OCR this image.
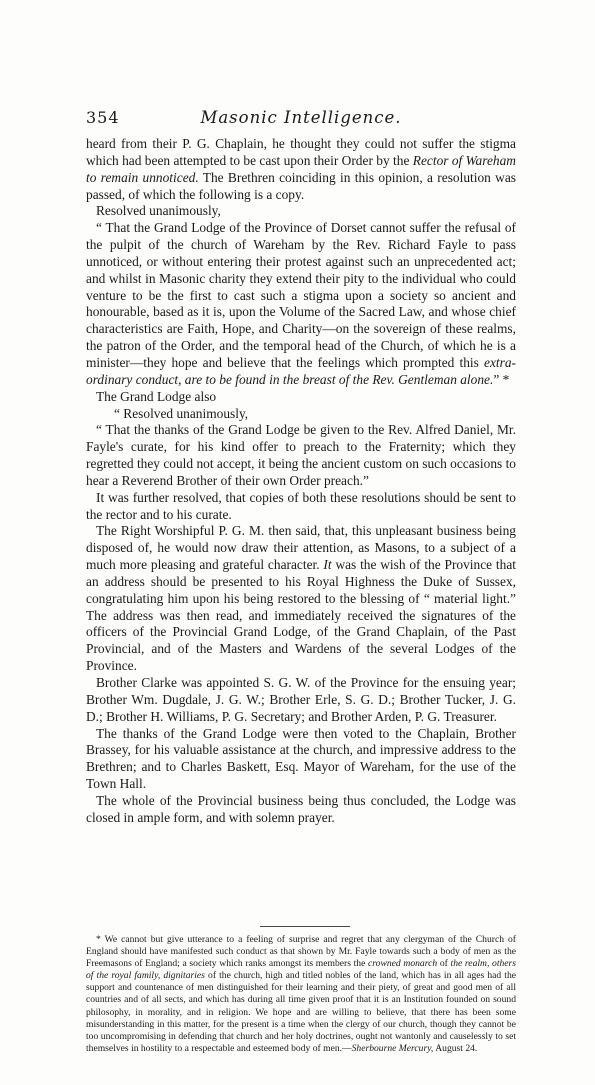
354	Masonic Intelligence.

heard from their P. G. Chaplain, he thought they could not suffer the stigma which had been attempted to be cast upon their Order by the Rector of Wareham to remain unnoticed. The Brethren coinciding in this opinion, a resolution was passed, of which the following is a copy.

Resolved unanimously,

“ That the Grand Lodge of the Province of Dorset cannot suffer the refusal of the pulpit of the church of Wareham by the Rev. Richard Fayle to pass unnoticed, or without entering their protest against such an unprecedented act; and whilst in Masonic charity they extend their pity to the individual who could venture to be the first to cast such a stigma upon a society so ancient and honourable, based as it is, upon the Volume of the Sacred Law, and whose chief characteristics are Faith, Hope, and Charity—on the sovereign of these realms, the patron of the Order, and the temporal head of the Church, of which he is a minister—they hope and believe that the feelings which prompted this extra-ordinary conduct, are to be found in the breast of the Rev. Gentleman alone.” *

The Grand Lodge also

“ Resolved unanimously,

“ That the thanks of the Grand Lodge be given to the Rev. Alfred Daniel, Mr. Fayle's curate, for his kind offer to preach to the Fraternity; which they regretted they could not accept, it being the ancient custom on such occasions to hear a Reverend Brother of their own Order preach.”

It was further resolved, that copies of both these resolutions should be sent to the rector and to his curate.

The Right Worshipful P. G. M. then said, that, this unpleasant business being disposed of, he would now draw their attention, as Masons, to a subject of a much more pleasing and grateful character. It was the wish of the Province that an address should be presented to his Royal Highness the Duke of Sussex, congratulating him upon his being restored to the blessing of “ material light.” The address was then read, and immediately received the signatures of the officers of the Provincial Grand Lodge, of the Grand Chaplain, of the Past Provincial, and of the Masters and Wardens of the several Lodges of the Province.

Brother Clarke was appointed S. G. W. of the Province for the ensuing year; Brother Wm. Dugdale, J. G. W.; Brother Erle, S. G. D.; Brother Tucker, J. G. D.; Brother H. Williams, P. G. Secretary; and Brother Arden, P. G. Treasurer.

The thanks of the Grand Lodge were then voted to the Chaplain, Brother Brassey, for his valuable assistance at the church, and impressive address to the Brethren; and to Charles Baskett, Esq. Mayor of Wareham, for the use of the Town Hall.

The whole of the Provincial business being thus concluded, the Lodge was closed in ample form, and with solemn prayer.

* We cannot but give utterance to a feeling of surprise and regret that any clergyman of the Church of England should have manifested such conduct as that shown by Mr. Fayle towards such a body of men as the Freemasons of England; a society which ranks amongst its members the crowned monarch of the realm, others of the royal family, dignitaries of the church, high and titled nobles of the land, which has in all ages had the support and countenance of men distinguished for their learning and their piety, of great and good men of all countries and of all sects, and which has during all time given proof that it is an Institution founded on sound philosophy, in morality, and in religion. We hope and are willing to believe, that there has been some misunderstanding in this matter, for the present is a time when the clergy of our church, though they cannot be too uncompromising in defending that church and her holy doctrines, ought not wantonly and causelessly to set themselves in hostility to a respectable and esteemed body of men.—Sherbourne Mercury, August 24.
